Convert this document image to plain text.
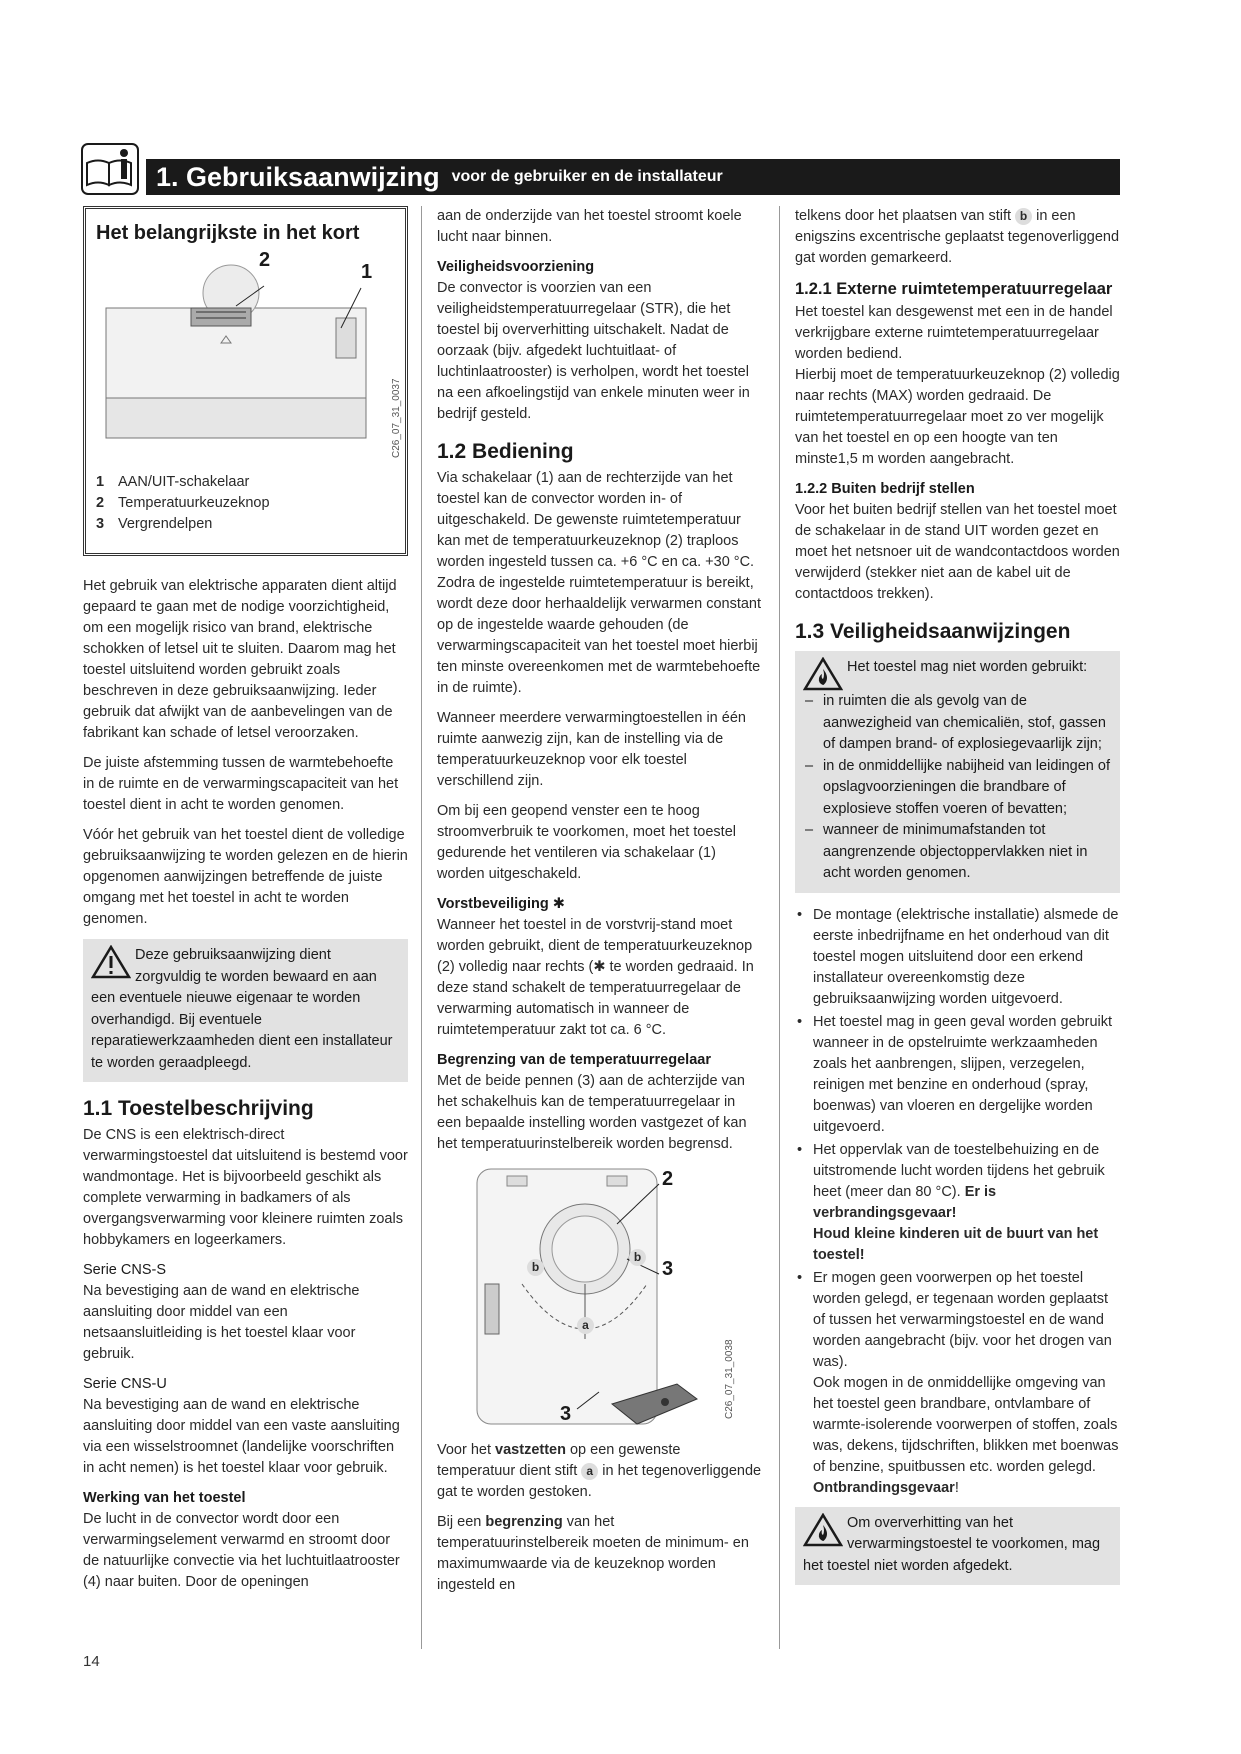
1. Gebruiksaanwijzing voor de gebruiker en de installateur
Het belangrijkste in het kort
2
1
C26_07_31_0037
1 AAN/UIT-schakelaar
2 Temperatuurkeuzeknop
3 Vergrendelpen

Het gebruik van elektrische apparaten dient altijd gepaard te gaan met de nodige voorzichtigheid, om een mogelijk risico van brand, elektrische schokken of letsel uit te sluiten. Daarom mag het toestel uitsluitend worden gebruikt zoals beschreven in deze gebruiksaanwijzing. Ieder gebruik dat afwijkt van de aanbevelingen van de fabrikant kan schade of letsel veroorzaken.

De juiste afstemming tussen de warmtebehoefte in de ruimte en de verwarmingscapaciteit van het toestel dient in acht te worden genomen.

Vóór het gebruik van het toestel dient de volledige gebruiksaanwijzing te worden gelezen en de hierin opgenomen aanwijzingen betreffende de juiste omgang met het toestel in acht te worden genomen.

Deze gebruiksaanwijzing dient zorgvuldig te worden bewaard en aan een eventuele nieuwe eigenaar te worden overhandigd. Bij eventuele reparatiewerkzaamheden dient een installateur te worden geraadpleegd.
1.1 Toestelbeschrijving

De CNS is een elektrisch-direct verwarmingstoestel dat uitsluitend is bestemd voor wandmontage. Het is bijvoorbeeld geschikt als complete verwarming in badkamers of als overgangsverwarming voor kleinere ruimten zoals hobbykamers en logeerkamers.

Serie CNS-S

Na bevestiging aan de wand en elektrische aansluiting door middel van een netsaansluitleiding is het toestel klaar voor gebruik.

Serie CNS-U

Na bevestiging aan de wand en elektrische aansluiting door middel van een vaste aansluiting via een wisselstroomnet (landelijke voorschriften in acht nemen) is het toestel klaar voor gebruik.

Werking van het toestel

De lucht in de convector wordt door een verwarmingselement verwarmd en stroomt door de natuurlijke convectie via het luchtuitlaatrooster (4) naar buiten. Door de openingen

aan de onderzijde van het toestel stroomt koele lucht naar binnen.

Veiligheidsvoorziening

De convector is voorzien van een veiligheidstemperatuurregelaar (STR), die het toestel bij oververhitting uitschakelt. Nadat de oorzaak (bijv. afgedekt luchtuitlaat- of luchtinlaatrooster) is verholpen, wordt het toestel na een afkoelingstijd van enkele minuten weer in bedrijf gesteld.

1.2 Bediening

Via schakelaar (1) aan de rechterzijde van het toestel kan de convector worden in- of uitgeschakeld. De gewenste ruimtetemperatuur kan met de temperatuurkeuzeknop (2) traploos worden ingesteld tussen ca. +6 °C en ca. +30 °C. Zodra de ingestelde ruimtetemperatuur is bereikt, wordt deze door herhaaldelijk verwarmen constant op de ingestelde waarde gehouden (de verwarmingscapaciteit van het toestel moet hierbij ten minste overeenkomen met de warmtebehoefte in de ruimte).

Wanneer meerdere verwarmingtoestellen in één ruimte aanwezig zijn, kan de instelling via de temperatuurkeuzeknop voor elk toestel verschillend zijn.

Om bij een geopend venster een te hoog stroomverbruik te voorkomen, moet het toestel gedurende het ventileren via schakelaar (1) worden uitgeschakeld.

Vorstbeveiliging ✱

Wanneer het toestel in de vorstvrij-stand moet worden gebruikt, dient de temperatuurkeuzeknop (2) volledig naar rechts (✱ te worden gedraaid. In deze stand schakelt de temperatuurregelaar de verwarming automatisch in wanneer de ruimtetemperatuur zakt tot ca. 6 °C.

Begrenzing van de temperatuurregelaar

Met de beide pennen (3) aan de achterzijde van het schakelhuis kan de temperatuurregelaar in een bepaalde instelling worden vastgezet of kan het temperatuurinstelbereik worden begrensd.

2
3
3
a
b
b
C26_07_31_0038

Voor het vastzetten op een gewenste temperatuur dient stift a in het tegenoverliggende gat te worden gestoken.

Bij een begrenzing van het temperatuurinstelbereik moeten de minimum- en maximumwaarde via de keuzeknop worden ingesteld en

telkens door het plaatsen van stift b in een enigszins excentrische geplaatst tegenoverliggend gat worden gemarkeerd.

1.2.1 Externe ruimtetemperatuurregelaar

Het toestel kan desgewenst met een in de handel verkrijgbare externe ruimtetemperatuurregelaar worden bediend.

Hierbij moet de temperatuurkeuzeknop (2) volledig naar rechts (MAX) worden gedraaid. De ruimtetemperatuurregelaar moet zo ver mogelijk van het toestel en op een hoogte van ten minste1,5 m worden aangebracht.

1.2.2 Buiten bedrijf stellen

Voor het buiten bedrijf stellen van het toestel moet de schakelaar in de stand UIT worden gezet en moet het netsnoer uit de wandcontactdoos worden verwijderd (stekker niet aan de kabel uit de contactdoos trekken).

1.3 Veiligheidsaanwijzingen
Het toestel mag niet worden gebruikt:
– in ruimten die als gevolg van de aanwezigheid van chemicaliën, stof, gassen of dampen brand- of explosiegevaarlijk zijn;
– in de onmiddellijke nabijheid van leidingen of opslagvoorzieningen die brandbare of explosieve stoffen voeren of bevatten;
– wanneer de minimumafstanden tot aangrenzende objectoppervlakken niet in acht worden genomen.
• De montage (elektrische installatie) alsmede de eerste inbedrijfname en het onderhoud van dit toestel mogen uitsluitend door een erkend installateur overeenkomstig deze gebruiksaanwijzing worden uitgevoerd.
• Het toestel mag in geen geval worden gebruikt wanneer in de opstelruimte werkzaamheden zoals het aanbrengen, slijpen, verzegelen, reinigen met benzine en onderhoud (spray, boenwas) van vloeren en dergelijke worden uitgevoerd.
• Het oppervlak van de toestelbehuizing en de uitstromende lucht worden tijdens het gebruik heet (meer dan 80 °C). Er is verbrandingsgevaar!
Houd kleine kinderen uit de buurt van het toestel!
• Er mogen geen voorwerpen op het toestel worden gelegd, er tegenaan worden geplaatst of tussen het verwarmingstoestel en de wand worden aangebracht (bijv. voor het drogen van was).
Ook mogen in de onmiddellijke omgeving van het toestel geen brandbare, ontvlambare of warmte-isolerende voorwerpen of stoffen, zoals was, dekens, tijdschriften, blikken met boenwas of benzine, spuitbussen etc. worden gelegd. Ontbrandingsgevaar!
Om oververhitting van het verwarmingstoestel te voorkomen, mag het toestel niet worden afgedekt.
14
